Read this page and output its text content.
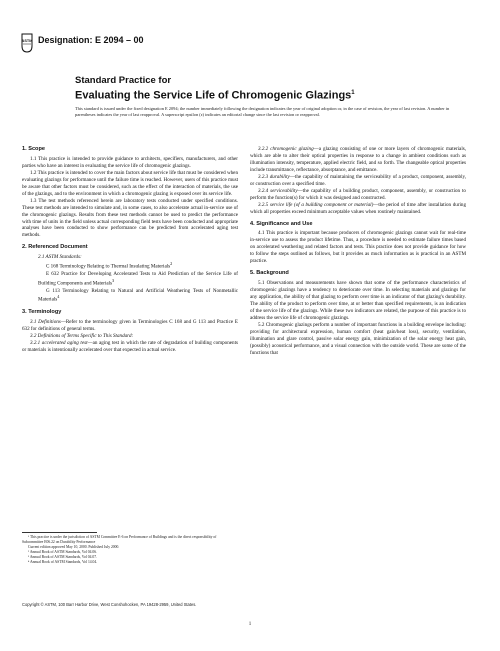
ASTM Designation: E 2094 – 00
Standard Practice for
Evaluating the Service Life of Chromogenic Glazings$^1$
This standard is issued under the fixed designation E 2094; the number immediately following the designation indicates the year of original adoption or, in the case of revision, the year of last revision. A number in parentheses indicates the year of last reapproval. A superscript epsilon (ε) indicates an editorial change since the last revision or reapproval.
1. Scope

1.1 This practice is intended to provide guidance to architects, specifiers, manufacturers, and other parties who have an interest in evaluating the service life of chromogenic glazings.

1.2 This practice is intended to cover the main factors about service life that must be considered when evaluating glazings for performance until the failure time is reached. However, users of this practice must be aware that other factors must be considered, such as the effect of the interaction of materials, the use of the glazings, and to the environment in which a chromogenic glazing is exposed over its service life.

1.3 The test methods referenced herein are laboratory tests conducted under specified conditions. These test methods are intended to simulate and, in some cases, to also accelerate actual in-service use of the chromogenic glazings. Results from these test methods cannot be used to predict the performance with time of units in the field unless actual corresponding field tests have been conducted and appropriate analyses have been conducted to show performance can be predicted from accelerated aging test methods.

2. Referenced Document

2.1 ASTM Standards:

C 168 Terminology Relating to Thermal Insulating Materials$^2$

E 632 Practice for Developing Accelerated Tests to Aid Prediction of the Service Life of Building Components and Materials$^3$

G 113 Terminology Relating to Natural and Artificial Weathering Tests of Nonmetallic Materials$^4$

3. Terminology

3.1 Definitions—Refer to the terminology given in Terminologies C 168 and G 113 and Practice E 632 for definitions of general terms.

3.2 Definitions of Terms Specific to This Standard:

3.2.1 accelerated aging test—an aging test in which the rate of degradation of building components or materials is intentionally accelerated over that expected in actual service.

¹ This practice is under the jurisdiction of ASTM Committee E-6 on Performance of Buildings and is the direct responsibility of Subcommittee E06.22 on Durability Performance

Current edition approved May 10, 2000. Published July 2000.

² Annual Book of ASTM Standards, Vol 04.06.

³ Annual Book of ASTM Standards, Vol 04.07.

⁴ Annual Book of ASTM Standards, Vol 14.04.

3.2.2 chromogenic glazing—a glazing consisting of one or more layers of chromogenic materials, which are able to alter their optical properties in response to a change in ambient conditions such as illumination intensity, temperature, applied electric field, and so forth. The changeable optical properties include transmittance, reflectance, absorptance, and emittance.

3.2.3 durability—the capability of maintaining the serviceability of a product, component, assembly, or construction over a specified time.

3.2.4 serviceability—the capability of a building product, component, assembly, or construction to perform the function(s) for which it was designed and constructed.

3.2.5 service life (of a building component or material)—the period of time after installation during which all properties exceed minimum acceptable values when routinely maintained.

4. Significance and Use

4.1 This practice is important because producers of chromogenic glazings cannot wait for real-time in-service use to assess the product lifetime. Thus, a procedure is needed to estimate failure times based on accelerated weathering and related factors and tests. This practice does not provide guidance for how to follow the steps outlined as follows, but it provides as much information as is practical in an ASTM practice.

5. Background

5.1 Observations and measurements have shown that some of the performance characteristics of chromogenic glazings have a tendency to deteriorate over time. In selecting materials and glazings for any application, the ability of that glazing to perform over time is an indicator of that glazing's durability. The ability of the product to perform over time, at or better than specified requirements, is an indication of the service life of the glazings. While these two indicators are related, the purpose of this practice is to address the service life of chromogenic glazings.

5.2 Chromogenic glazings perform a number of important functions in a building envelope including: providing for architectural expression, human comfort (heat gain/heat loss), security, ventilation, illumination and glare control, passive solar energy gain, minimization of the solar energy heat gain, (possibly) acoustical performance, and a visual connection with the outside world. These are some of the functions that

Copyright © ASTM, 100 Barr Harbor Drive, West Conshohocken, PA 19428-2959, United States.
1
